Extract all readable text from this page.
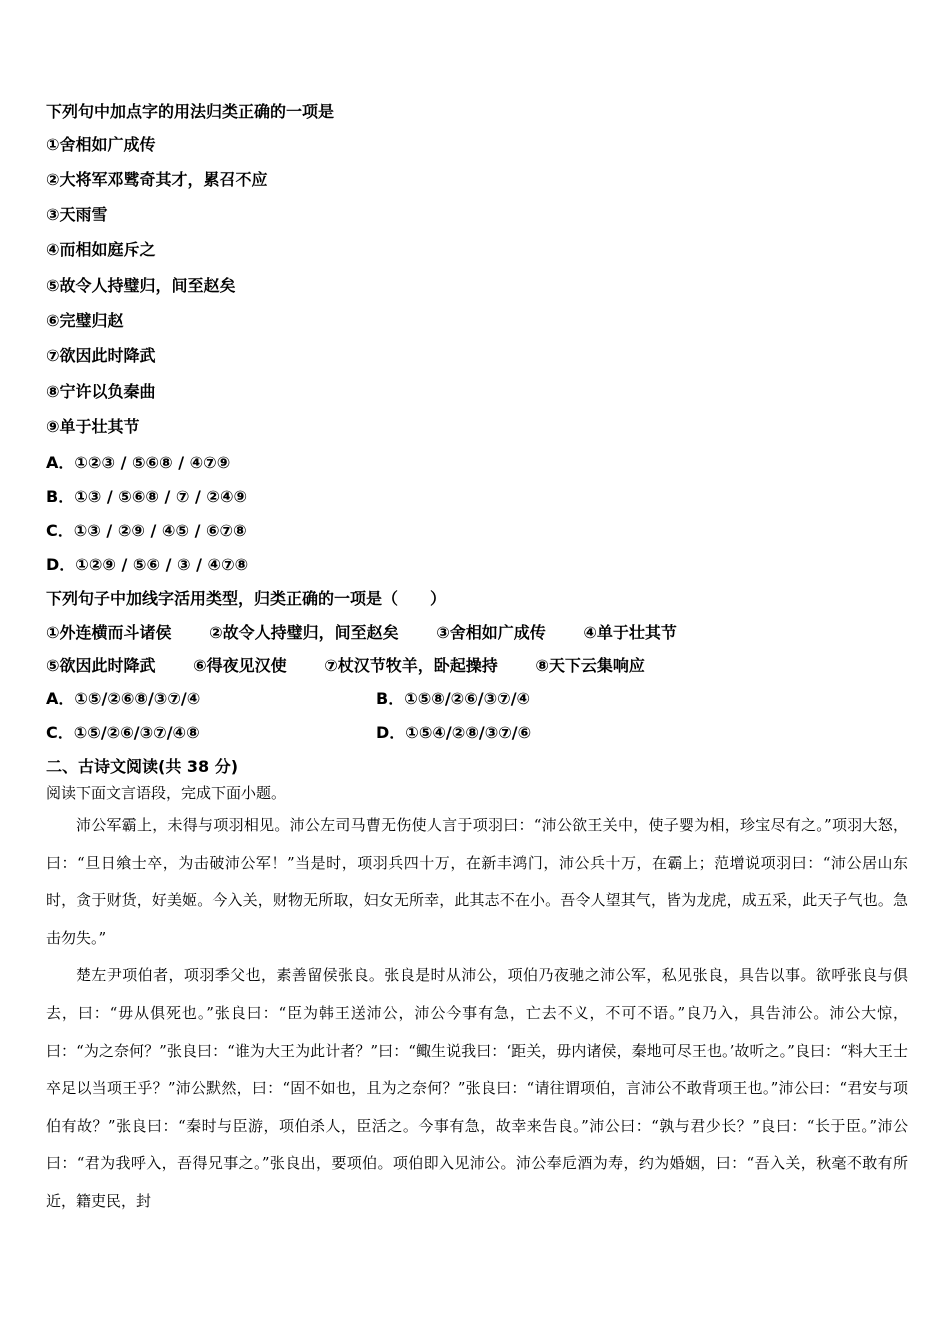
下列句中加点字的用法归类正确的一项是
①舍相如广成传
②大将军邓骘奇其才，累召不应
③天雨雪
④而相如庭斥之
⑤故令人持璧归，间至赵矣
⑥完璧归赵
⑦欲因此时降武
⑧宁许以负秦曲
⑨单于壮其节
A．①②③ / ⑤⑥⑧ / ④⑦⑨
B．①③ / ⑤⑥⑧ / ⑦ / ②④⑨
C．①③ / ②⑨ / ④⑤ / ⑥⑦⑧
D．①②⑨ / ⑤⑥ / ③ / ④⑦⑧
下列句子中加线字活用类型，归类正确的一项是（　　）
①外连横而斗诸侯　　 ②故令人持璧归，间至赵矣　　 ③舍相如广成传　　 ④单于壮其节
⑤欲因此时降武　　 ⑥得夜见汉使　　 ⑦杖汉节牧羊，卧起操持　　 ⑧天下云集响应
A．①⑤/②⑥⑧/③⑦/④	B．①⑤⑧/②⑥/③⑦/④
C．①⑤/②⑥/③⑦/④⑧	D．①⑤④/②⑧/③⑦/⑥
二、古诗文阅读(共 38 分)
阅读下面文言语段，完成下面小题。

沛公军霸上，未得与项羽相见。沛公左司马曹无伤使人言于项羽曰：“沛公欲王关中，使子婴为相，珍宝尽有之。”项羽大怒，曰：“旦日飨士卒，为击破沛公军！”当是时，项羽兵四十万，在新丰鸿门，沛公兵十万，在霸上；范增说项羽曰：“沛公居山东时，贪于财货，好美姬。今入关，财物无所取，妇女无所幸，此其志不在小。吾令人望其气，皆为龙虎，成五采，此天子气也。急击勿失。”

楚左尹项伯者，项羽季父也，素善留侯张良。张良是时从沛公，项伯乃夜驰之沛公军，私见张良，具告以事。欲呼张良与俱去，曰：“毋从俱死也。”张良曰：“臣为韩王送沛公，沛公今事有急，亡去不义，不可不语。”良乃入，具告沛公。沛公大惊，曰：“为之奈何？”张良曰：“谁为大王为此计者？”曰：“鲰生说我曰：‘距关，毋内诸侯，秦地可尽王也。’故听之。”良曰：“料大王士卒足以当项王乎？”沛公默然，曰：“固不如也，且为之奈何？”张良曰：“请往谓项伯，言沛公不敢背项王也。”沛公曰：“君安与项伯有故？”张良曰：“秦时与臣游，项伯杀人，臣活之。今事有急，故幸来告良。”沛公曰：“孰与君少长？”良曰：“长于臣。”沛公曰：“君为我呼入，吾得兄事之。”张良出，要项伯。项伯即入见沛公。沛公奉卮酒为寿，约为婚姻，曰：“吾入关，秋毫不敢有所近，籍吏民，封
